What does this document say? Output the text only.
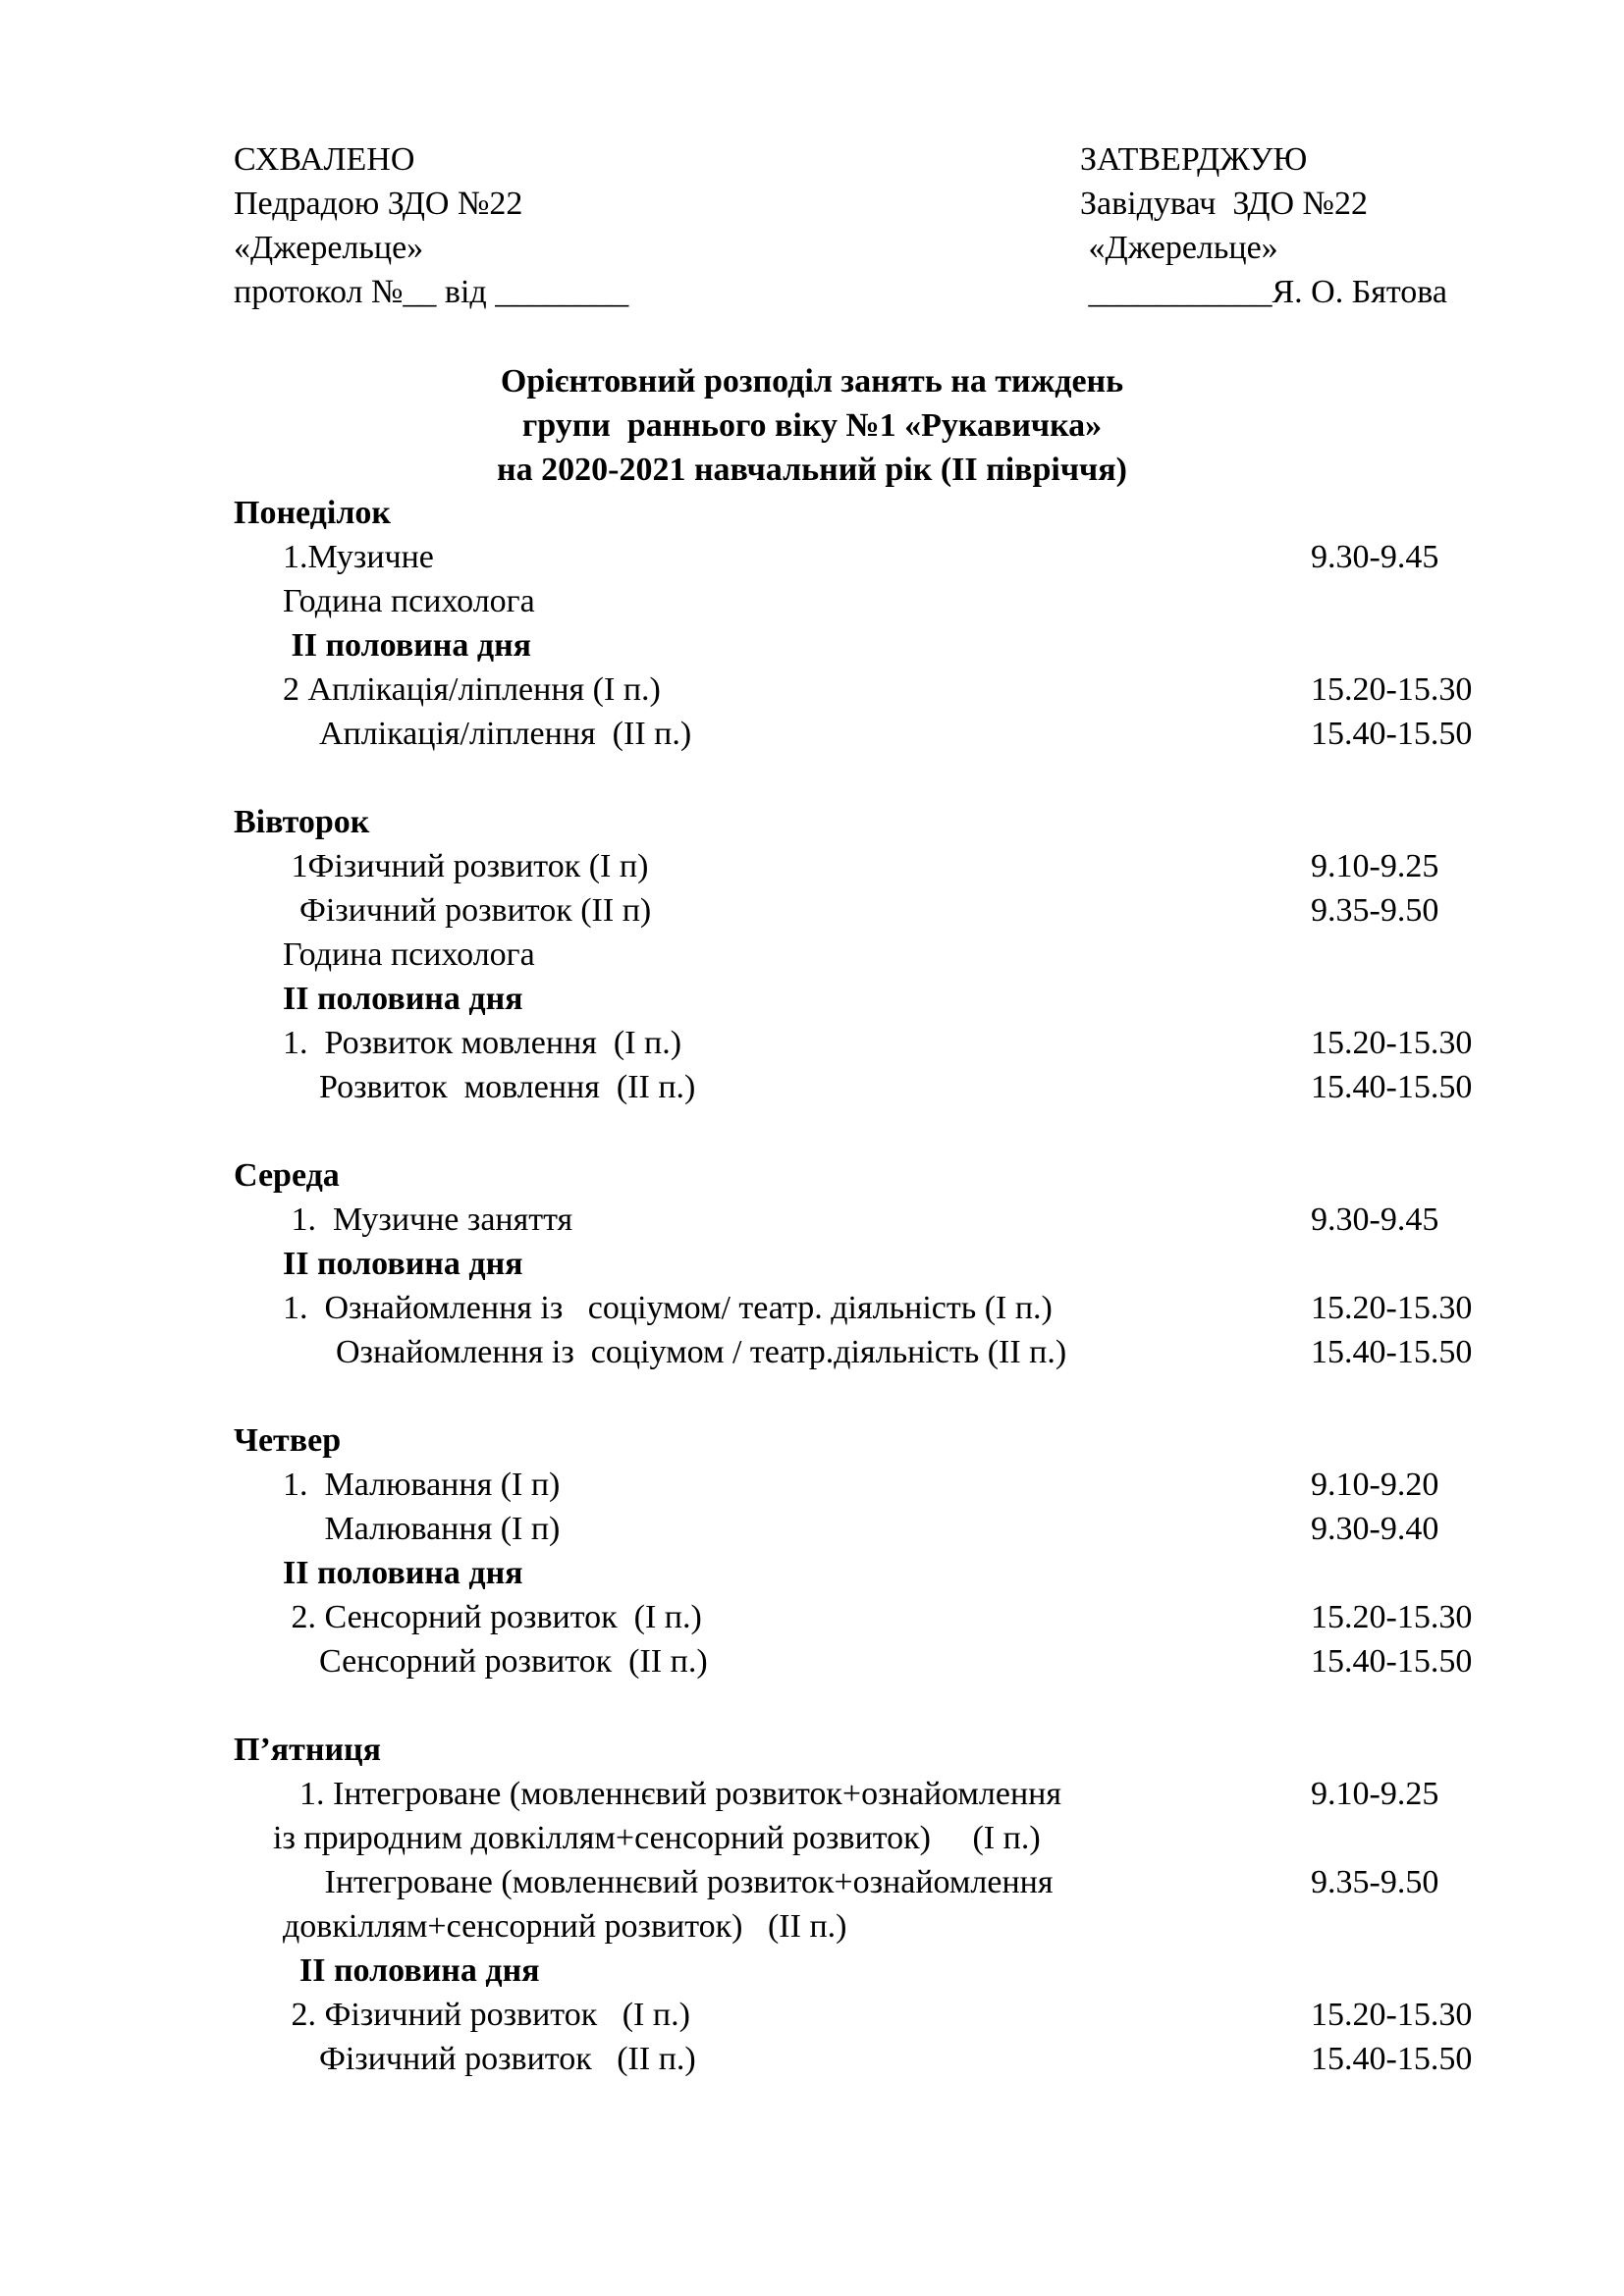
СХВАЛЕНО
Педрадою ЗДО №22
«Джерельце»
протокол №__ від ________
ЗАТВЕРДЖУЮ
Завідувач  ЗДО №22
«Джерельце»
___________Я. О. Бятова
Орієнтовний розподіл занять на тиждень
групи  раннього віку №1 «Рукавичка»
на 2020-2021 навчальний рік (ІІ півріччя)
Понеділок
1.Музичне	9.30-9.45
Година психолога
ІІ половина дня
2 Аплікація/ліплення (І п.)	15.20-15.30
Аплікація/ліплення  (ІІ п.)	15.40-15.50
Вівторок
1Фізичний розвиток (І п)	9.10-9.25
Фізичний розвиток (ІІ п)	9.35-9.50
Година психолога
ІІ половина дня
1.  Розвиток мовлення  (І п.)	15.20-15.30
Розвиток  мовлення  (ІІ п.)	15.40-15.50
Середа
1.  Музичне заняття	9.30-9.45
ІІ половина дня
1.  Ознайомлення із   соціумом/ театр. діяльність (І п.)	15.20-15.30
Ознайомлення із  соціумом / театр.діяльність (ІІ п.)	15.40-15.50
Четвер
1.  Малювання (І п)	9.10-9.20
Малювання (І п)	9.30-9.40
ІІ половина дня
2. Сенсорний розвиток  (І п.)	15.20-15.30
Сенсорний розвиток  (ІІ п.)	15.40-15.50
П’ятниця
1. Інтегроване (мовленнєвий розвиток+ознайомлення	9.10-9.25
із природним довкіллям+сенсорний розвиток)     (І п.)
Інтегроване (мовленнєвий розвиток+ознайомлення	9.35-9.50
довкіллям+сенсорний розвиток)   (ІІ п.)
ІІ половина дня
2. Фізичний розвиток   (І п.)	15.20-15.30
Фізичний розвиток   (ІІ п.)	15.40-15.50
